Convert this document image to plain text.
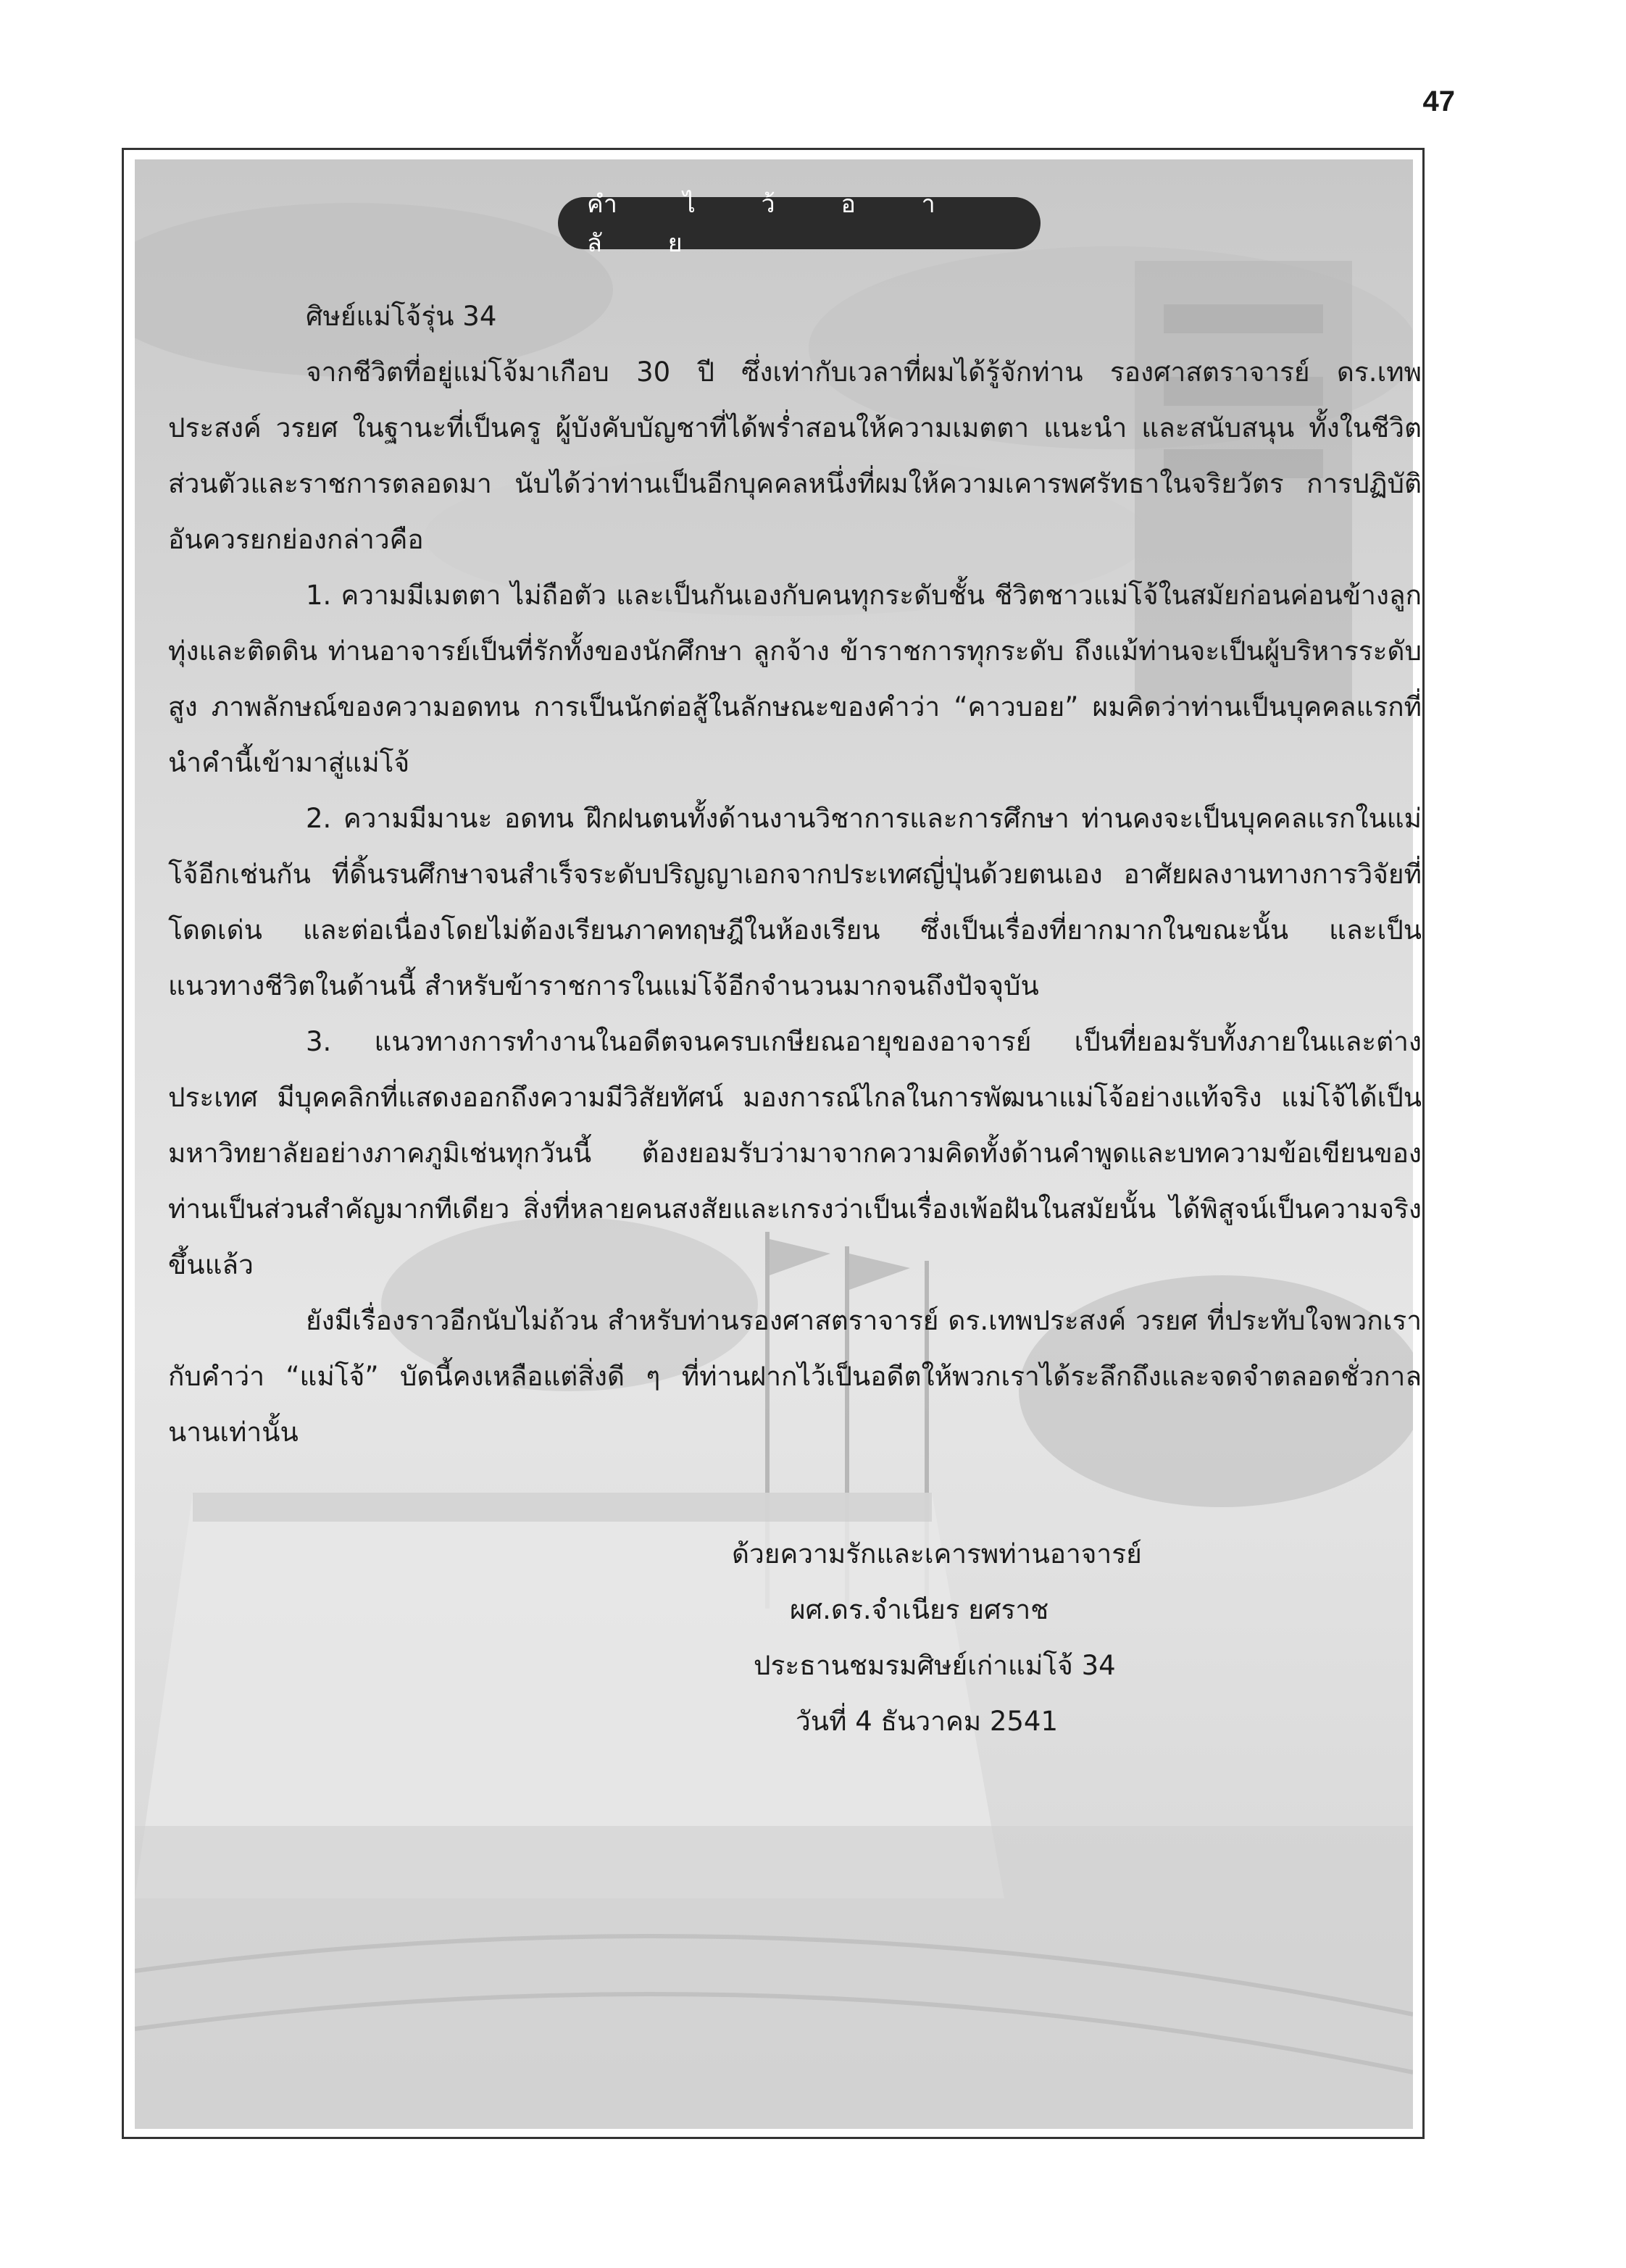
47
คำ ไ ว้ อ า ลั ย

ศิษย์แม่โจ้รุ่น 34

จากชีวิตที่อยู่แม่โจ้มาเกือบ 30 ปี ซึ่งเท่ากับเวลาที่ผมได้รู้จักท่าน รองศาสตราจารย์ ดร.เทพประสงค์ วรยศ ในฐานะที่เป็นครู ผู้บังคับบัญชาที่ได้พร่ำสอนให้ความเมตตา แนะนำ และสนับสนุน ทั้งในชีวิตส่วนตัวและราชการตลอดมา นับได้ว่าท่านเป็นอีกบุคคลหนึ่งที่ผมให้ความเคารพศรัทธาในจริยวัตร การปฏิบัติอันควรยกย่องกล่าวคือ

1. ความมีเมตตา ไม่ถือตัว และเป็นกันเองกับคนทุกระดับชั้น ชีวิตชาวแม่โจ้ในสมัยก่อนค่อนข้างลูกทุ่งและติดดิน ท่านอาจารย์เป็นที่รักทั้งของนักศึกษา ลูกจ้าง ข้าราชการทุกระดับ ถึงแม้ท่านจะเป็นผู้บริหารระดับสูง ภาพลักษณ์ของความอดทน การเป็นนักต่อสู้ในลักษณะของคำว่า “คาวบอย” ผมคิดว่าท่านเป็นบุคคลแรกที่นำคำนี้เข้ามาสู่แม่โจ้

2. ความมีมานะ อดทน ฝึกฝนตนทั้งด้านงานวิชาการและการศึกษา ท่านคงจะเป็นบุคคลแรกในแม่โจ้อีกเช่นกัน ที่ดิ้นรนศึกษาจนสำเร็จระดับปริญญาเอกจากประเทศญี่ปุ่นด้วยตนเอง อาศัยผลงานทางการวิจัยที่โดดเด่น และต่อเนื่องโดยไม่ต้องเรียนภาคทฤษฎีในห้องเรียน ซึ่งเป็นเรื่องที่ยากมากในขณะนั้น และเป็นแนวทางชีวิตในด้านนี้ สำหรับข้าราชการในแม่โจ้อีกจำนวนมากจนถึงปัจจุบัน

3. แนวทางการทำงานในอดีตจนครบเกษียณอายุของอาจารย์ เป็นที่ยอมรับทั้งภายในและต่างประเทศ มีบุคคลิกที่แสดงออกถึงความมีวิสัยทัศน์ มองการณ์ไกลในการพัฒนาแม่โจ้อย่างแท้จริง แม่โจ้ได้เป็นมหาวิทยาลัยอย่างภาคภูมิเช่นทุกวันนี้ ต้องยอมรับว่ามาจากความคิดทั้งด้านคำพูดและบทความข้อเขียนของท่านเป็นส่วนสำคัญมากทีเดียว สิ่งที่หลายคนสงสัยและเกรงว่าเป็นเรื่องเพ้อฝันในสมัยนั้น ได้พิสูจน์เป็นความจริงขึ้นแล้ว

ยังมีเรื่องราวอีกนับไม่ถ้วน สำหรับท่านรองศาสตราจารย์ ดร.เทพประสงค์ วรยศ ที่ประทับใจพวกเรากับคำว่า “แม่โจ้” บัดนี้คงเหลือแต่สิ่งดี ๆ ที่ท่านฝากไว้เป็นอดีตให้พวกเราได้ระลึกถึงและจดจำตลอดชั่วกาลนานเท่านั้น

ด้วยความรักและเคารพท่านอาจารย์
ผศ.ดร.จำเนียร ยศราช
ประธานชมรมศิษย์เก่าแม่โจ้ 34
วันที่ 4 ธันวาคม 2541
